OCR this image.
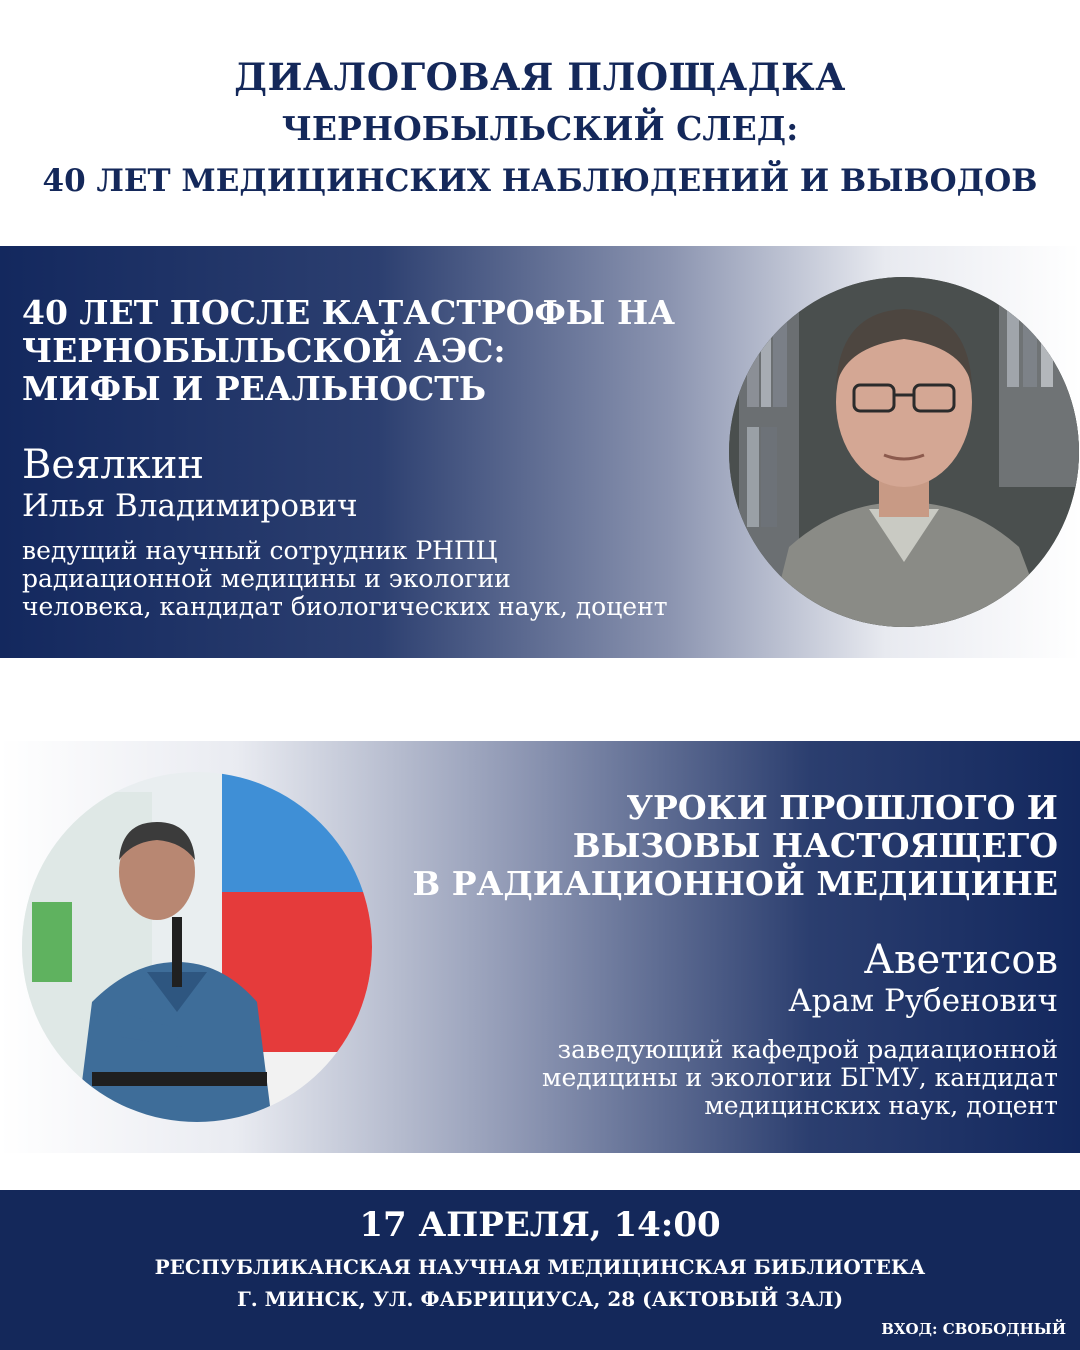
ДИАЛОГОВАЯ ПЛОЩАДКА
ЧЕРНОБЫЛЬСКИЙ СЛЕД:
40 ЛЕТ МЕДИЦИНСКИХ НАБЛЮДЕНИЙ И ВЫВОДОВ
40 ЛЕТ ПОСЛЕ КАТАСТРОФЫ НА
ЧЕРНОБЫЛЬСКОЙ АЭС:
МИФЫ И РЕАЛЬНОСТЬ
Веялкин
Илья Владимирович
ведущий научный сотрудник РНПЦ
радиационной медицины и экологии
человека, кандидат биологических наук, доцент
УРОКИ ПРОШЛОГО И
ВЫЗОВЫ НАСТОЯЩЕГО
В РАДИАЦИОННОЙ МЕДИЦИНЕ
Аветисов
Арам Рубенович
заведующий кафедрой радиационной
медицины и экологии БГМУ, кандидат
медицинских наук, доцент
17 АПРЕЛЯ, 14:00
РЕСПУБЛИКАНСКАЯ НАУЧНАЯ МЕДИЦИНСКАЯ БИБЛИОТЕКА
Г. МИНСК, УЛ. ФАБРИЦИУСА, 28 (АКТОВЫЙ ЗАЛ)
ВХОД: СВОБОДНЫЙ
